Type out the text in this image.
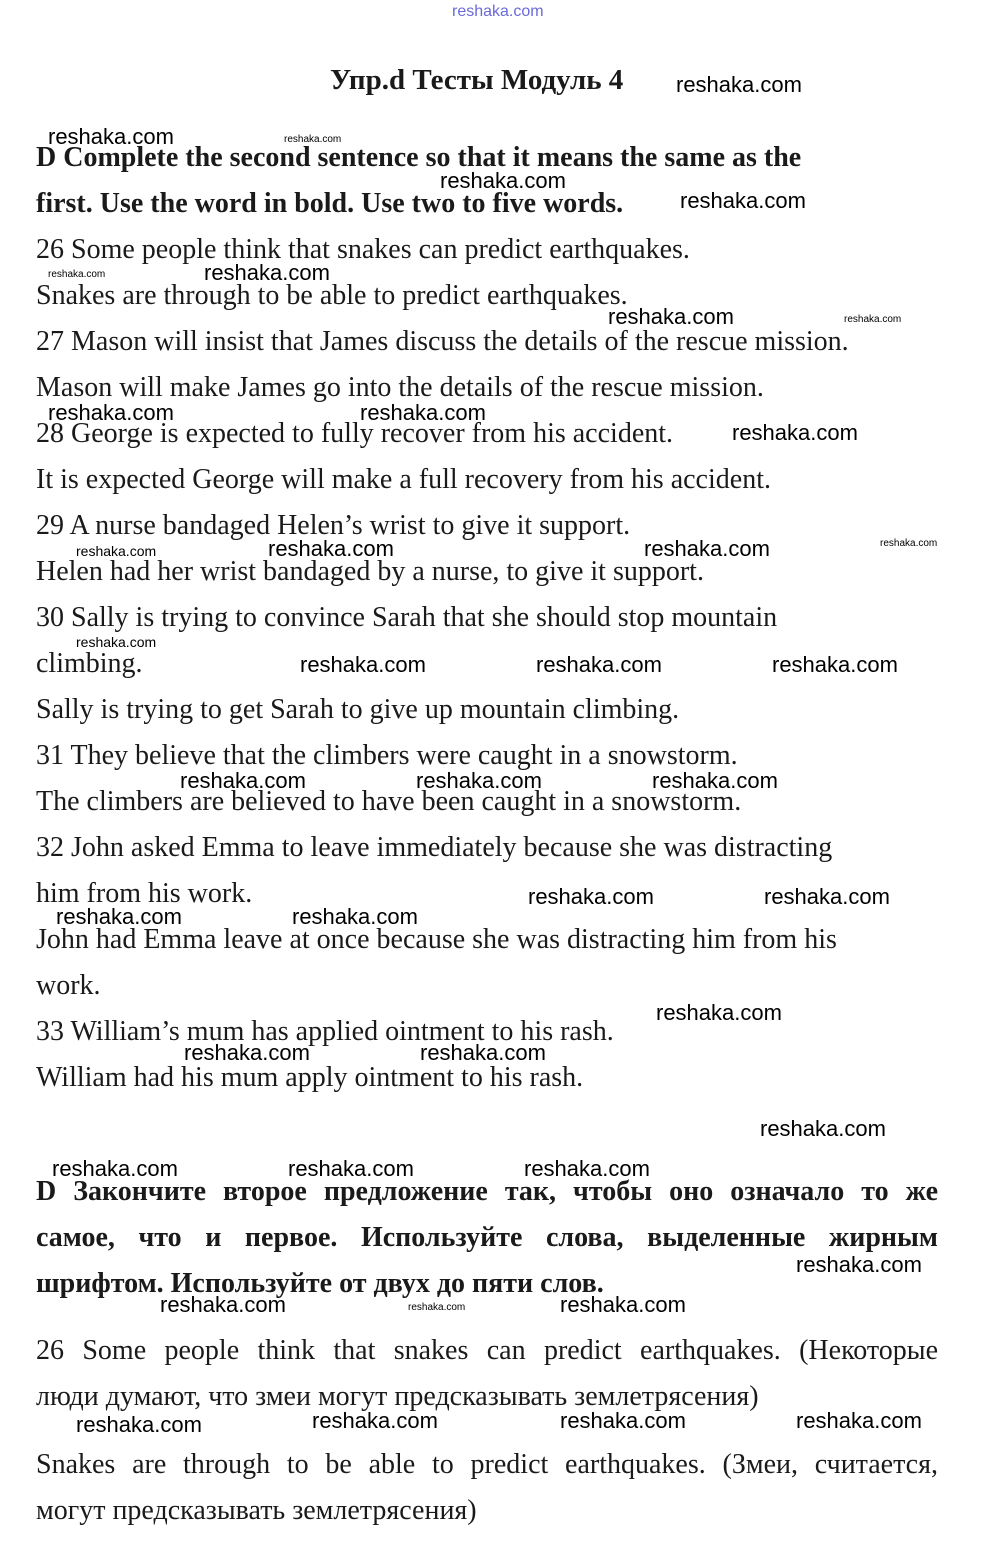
Упр.d Тесты Модуль 4
D Complete the second sentence so that it means the same as the
first. Use the word in bold. Use two to five words.
26 Some people think that snakes can predict earthquakes.
Snakes are through to be able to predict earthquakes.
27 Mason will insist that James discuss the details of the rescue mission.
Mason will make James go into the details of the rescue mission.
28 George is expected to fully recover from his accident.
It is expected George will make a full recovery from his accident.
29 A nurse bandaged Helen’s wrist to give it support.
Helen had her wrist bandaged by a nurse, to give it support.
30 Sally is trying to convince Sarah that she should stop mountain
climbing.
Sally is trying to get Sarah to give up mountain climbing.
31 They believe that the climbers were caught in a snowstorm.
The climbers are believed to have been caught in a snowstorm.
32 John asked Emma to leave immediately because she was distracting
him from his work.
John had Emma leave at once because she was distracting him from his
work.
33 William’s mum has applied ointment to his rash.
William had his mum apply ointment to his rash.
D Закончите второе предложение так, чтобы оно означало то же
самое, что и первое. Используйте слова, выделенные жирным
шрифтом. Используйте от двух до пяти слов.
26 Some people think that snakes can predict earthquakes. (Некоторые
люди думают, что змеи могут предсказывать землетрясения)
Snakes are through to be able to predict earthquakes. (Змеи, считается,
могут предсказывать землетрясения)
reshaka.com
reshaka.com
reshaka.com	reshaka.com
reshaka.com
reshaka.com
reshaka.com	reshaka.com
reshaka.com	reshaka.com
reshaka.com	reshaka.com
reshaka.com
reshaka.com
reshaka.com	reshaka.com	reshaka.com
reshaka.com
reshaka.com	reshaka.com	reshaka.com
reshaka.com	reshaka.com	reshaka.com
reshaka.com	reshaka.com
reshaka.com	reshaka.com
reshaka.com
reshaka.com	reshaka.com
reshaka.com
reshaka.com	reshaka.com	reshaka.com
reshaka.com
reshaka.com	reshaka.com	reshaka.com
reshaka.com	reshaka.com	reshaka.com	reshaka.com
